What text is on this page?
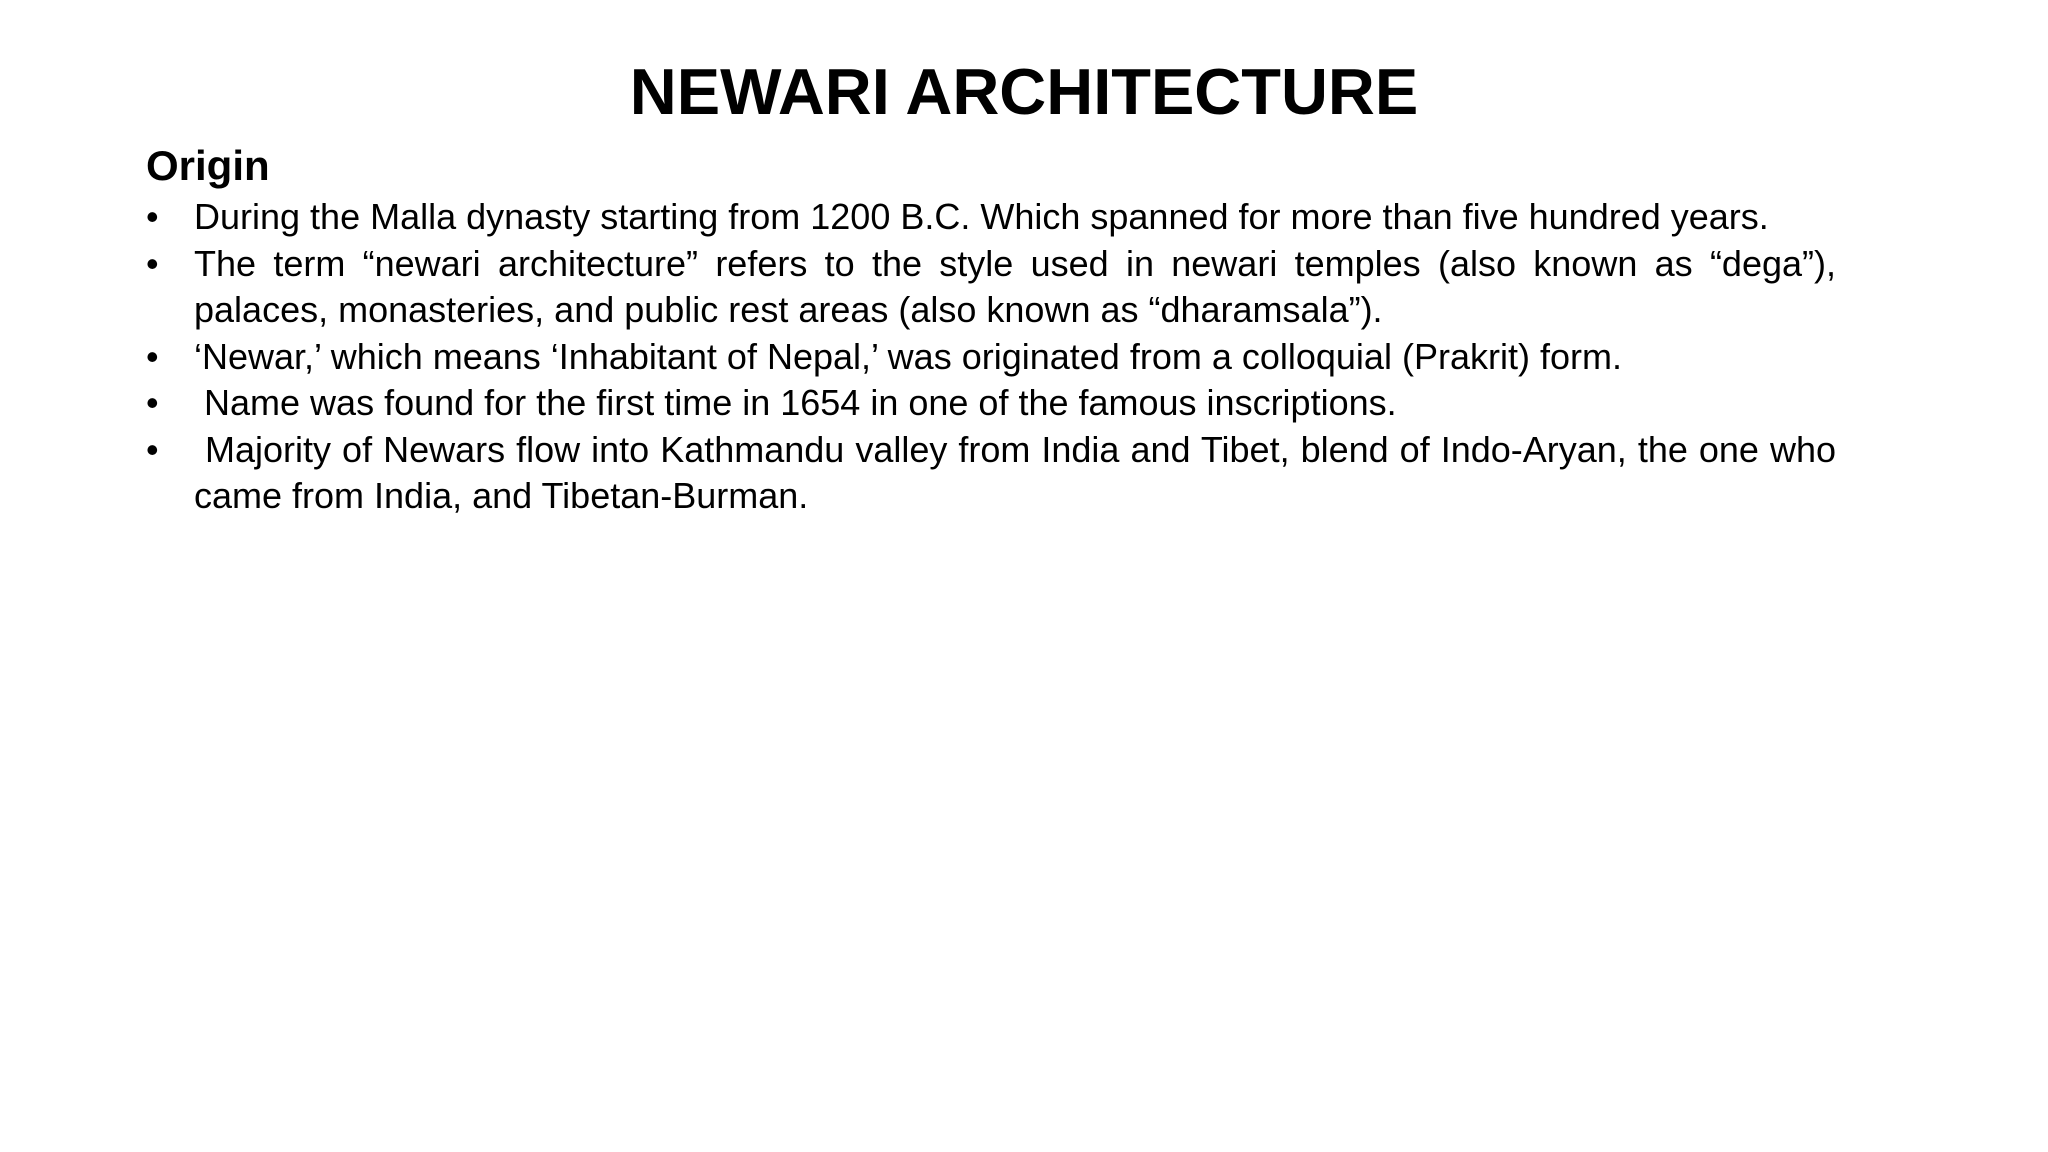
NEWARI ARCHITECTURE
Origin
• During the Malla dynasty starting from 1200 B.C. Which spanned for more than five hundred years.
• The term “newari architecture” refers to the style used in newari temples (also known as “dega”), palaces, monasteries, and public rest areas (also known as “dharamsala”).
• ‘Newar,’ which means ‘Inhabitant of Nepal,’ was originated from a colloquial (Prakrit) form.
•	Name was found for the first time in 1654 in one of the famous inscriptions.
•	Majority of Newars flow into Kathmandu valley from India and Tibet, blend of Indo-Aryan, the one who came from India, and Tibetan-Burman.
